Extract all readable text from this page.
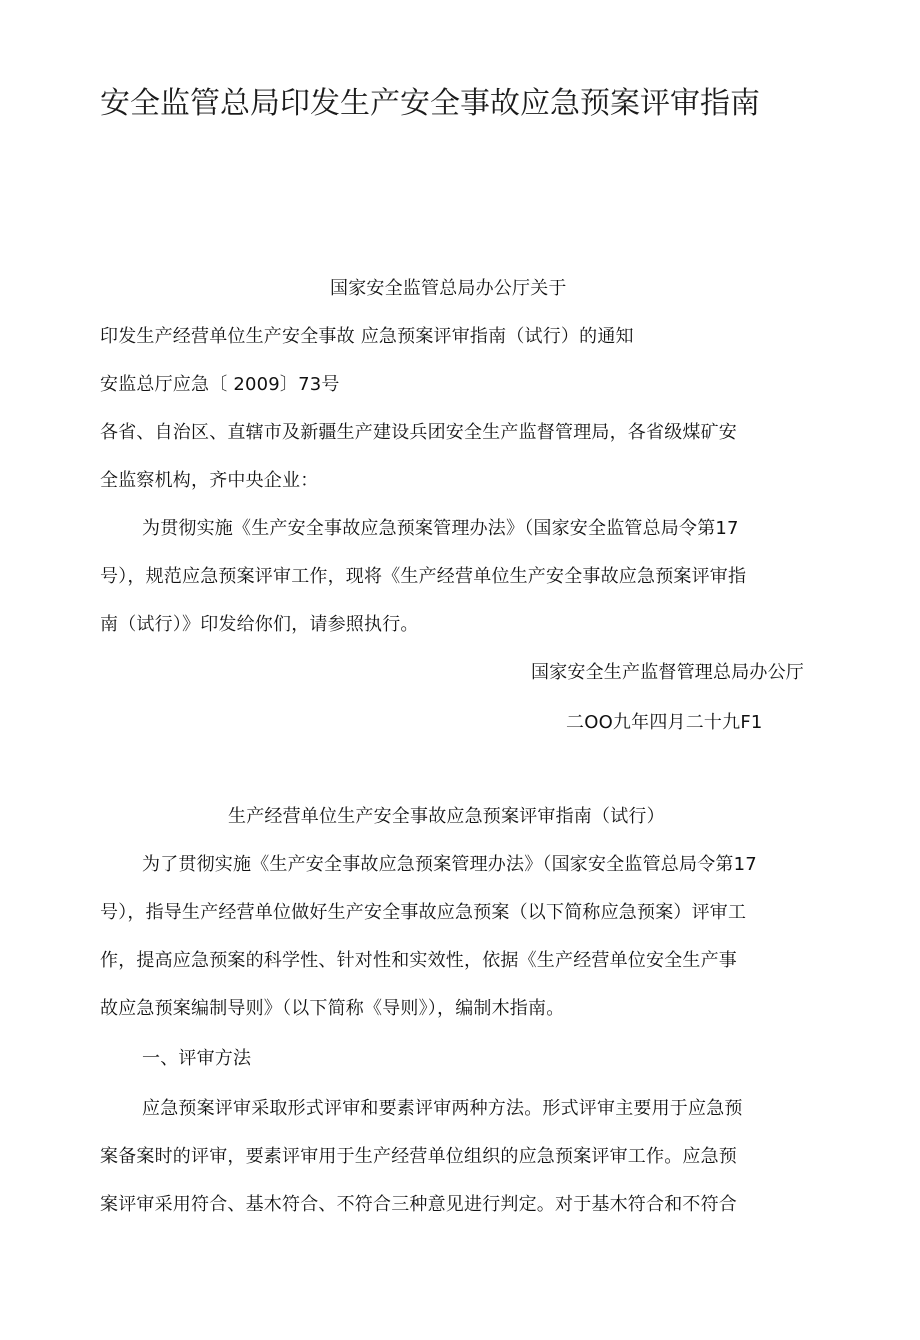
安全监管总局印发生产安全事故应急预案评审指南
国家安全监管总局办公厅关于
印发生产经营单位生产安全事故 应急预案评审指南（试行）的通知
安监总厅应急〔 2009〕73号
各省、自治区、直辖市及新疆生产建设兵团安全生产监督管理局，各省级煤矿安
全监察机构，齐中央企业：
为贯彻实施《生产安全事故应急预案管理办法》（国家安全监管总局令第17
号），规范应急预案评审工作，现将《生产经营单位生产安全事故应急预案评审指
南（试行）》印发给你们，请参照执行。
国家安全生产监督管理总局办公厅
二OO九年四月二十九F1
生产经营单位生产安全事故应急预案评审指南（试行）
为了贯彻实施《生产安全事故应急预案管理办法》（国家安全监管总局令第17
号），指导生产经营单位做好生产安全事故应急预案（以下简称应急预案）评审工
作，提高应急预案的科学性、针对性和实效性，依据《生产经营单位安全生产事
故应急预案编制导则》（以下简称《导则》），编制木指南。
一、评审方法
应急预案评审采取形式评审和要素评审两种方法。形式评审主要用于应急预
案备案时的评审，要素评审用于生产经营单位组织的应急预案评审工作。应急预
案评审采用符合、基木符合、不符合三种意见进行判定。对于基木符合和不符合
